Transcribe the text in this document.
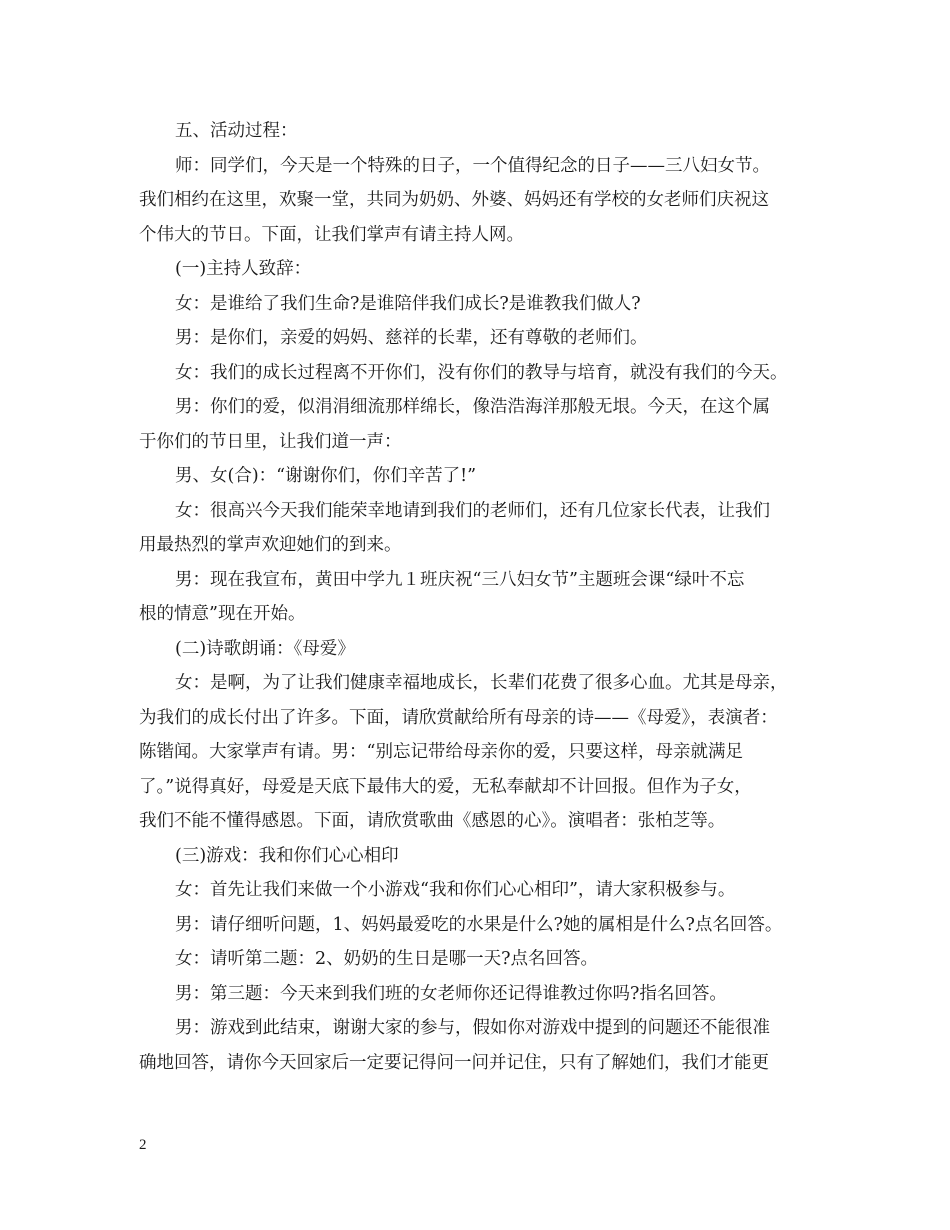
五、活动过程：
师：同学们，今天是一个特殊的日子，一个值得纪念的日子——三八妇女节。
我们相约在这里，欢聚一堂，共同为奶奶、外婆、妈妈还有学校的女老师们庆祝这
个伟大的节日。下面，让我们掌声有请主持人网。
(一)主持人致辞：
女：是谁给了我们生命?是谁陪伴我们成长?是谁教我们做人?
男：是你们，亲爱的妈妈、慈祥的长辈，还有尊敬的老师们。
女：我们的成长过程离不开你们，没有你们的教导与培育，就没有我们的今天。
男：你们的爱，似涓涓细流那样绵长，像浩浩海洋那般无垠。今天，在这个属
于你们的节日里，让我们道一声：
男、女(合)：“谢谢你们，你们辛苦了!”
女：很高兴今天我们能荣幸地请到我们的老师们，还有几位家长代表，让我们
用最热烈的掌声欢迎她们的到来。
男：现在我宣布，黄田中学九１班庆祝“三八妇女节”主题班会课“绿叶不忘
根的情意”现在开始。
(二)诗歌朗诵：《母爱》
女：是啊，为了让我们健康幸福地成长，长辈们花费了很多心血。尤其是母亲，
为我们的成长付出了许多。下面，请欣赏献给所有母亲的诗——《母爱》，表演者：
陈锴闻。大家掌声有请。男：“别忘记带给母亲你的爱，只要这样，母亲就满足
了。”说得真好，母爱是天底下最伟大的爱，无私奉献却不计回报。但作为子女，
我们不能不懂得感恩。下面，请欣赏歌曲《感恩的心》。演唱者：张柏芝等。
(三)游戏：我和你们心心相印
女：首先让我们来做一个小游戏“我和你们心心相印”，请大家积极参与。
男：请仔细听问题，1、妈妈最爱吃的水果是什么?她的属相是什么?点名回答。
女：请听第二题：2、奶奶的生日是哪一天?点名回答。
男：第三题：今天来到我们班的女老师你还记得谁教过你吗?指名回答。
男：游戏到此结束，谢谢大家的参与，假如你对游戏中提到的问题还不能很准
确地回答，请你今天回家后一定要记得问一问并记住，只有了解她们，我们才能更
2
